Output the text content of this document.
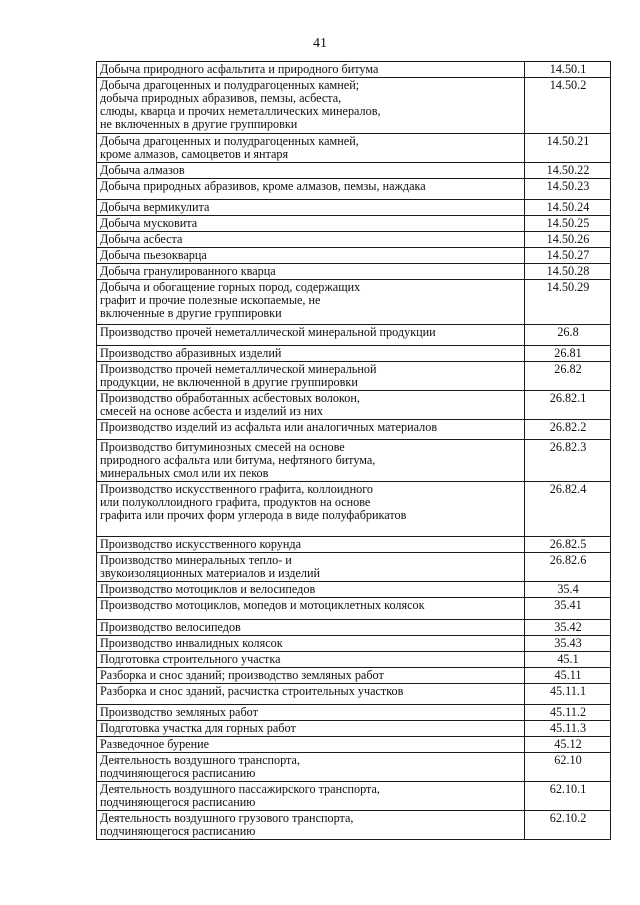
41
Добыча природного асфальтита и природного битума	14.50.1

Добыча драгоценных и полудрагоценных камней;
добыча природных абразивов, пемзы, асбеста,
слюды, кварца и прочих неметаллических минералов,
не включенных в другие группировки	14.50.2

Добыча драгоценных и полудрагоценных камней,
кроме алмазов, самоцветов и янтаря	14.50.21

Добыча алмазов	14.50.22

Добыча природных абразивов, кроме алмазов, пемзы, наждака	14.50.23

Добыча вермикулита	14.50.24

Добыча мусковита	14.50.25

Добыча асбеста	14.50.26

Добыча пьезокварца	14.50.27

Добыча гранулированного кварца	14.50.28

Добыча и обогащение горных пород, содержащих
графит и прочие полезные ископаемые, не
включенные в другие группировки	14.50.29

Производство прочей неметаллической минеральной продукции	26.8

Производство абразивных изделий	26.81

Производство прочей неметаллической минеральной
продукции, не включенной в другие группировки	26.82

Производство обработанных асбестовых волокон,
смесей на основе асбеста и изделий из них	26.82.1

Производство изделий из асфальта или аналогичных материалов	26.82.2

Производство битуминозных смесей на основе
природного асфальта или битума, нефтяного битума,
минеральных смол или их пеков	26.82.3

Производство искусственного графита, коллоидного
или полуколлоидного графита, продуктов на основе
графита или прочих форм углерода в виде полуфабрикатов	26.82.4

Производство искусственного корунда	26.82.5

Производство минеральных тепло- и
звукоизоляционных материалов и изделий	26.82.6

Производство мотоциклов и велосипедов	35.4

Производство мотоциклов, мопедов и мотоциклетных колясок	35.41

Производство велосипедов	35.42

Производство инвалидных колясок	35.43

Подготовка строительного участка	45.1

Разборка и снос зданий; производство земляных работ	45.11

Разборка и снос зданий, расчистка строительных участков	45.11.1

Производство земляных работ	45.11.2

Подготовка участка для горных работ	45.11.3

Разведочное бурение	45.12

Деятельность воздушного транспорта,
подчиняющегося расписанию	62.10

Деятельность воздушного пассажирского транспорта,
подчиняющегося расписанию	62.10.1

Деятельность воздушного грузового транспорта,
подчиняющегося расписанию	62.10.2
